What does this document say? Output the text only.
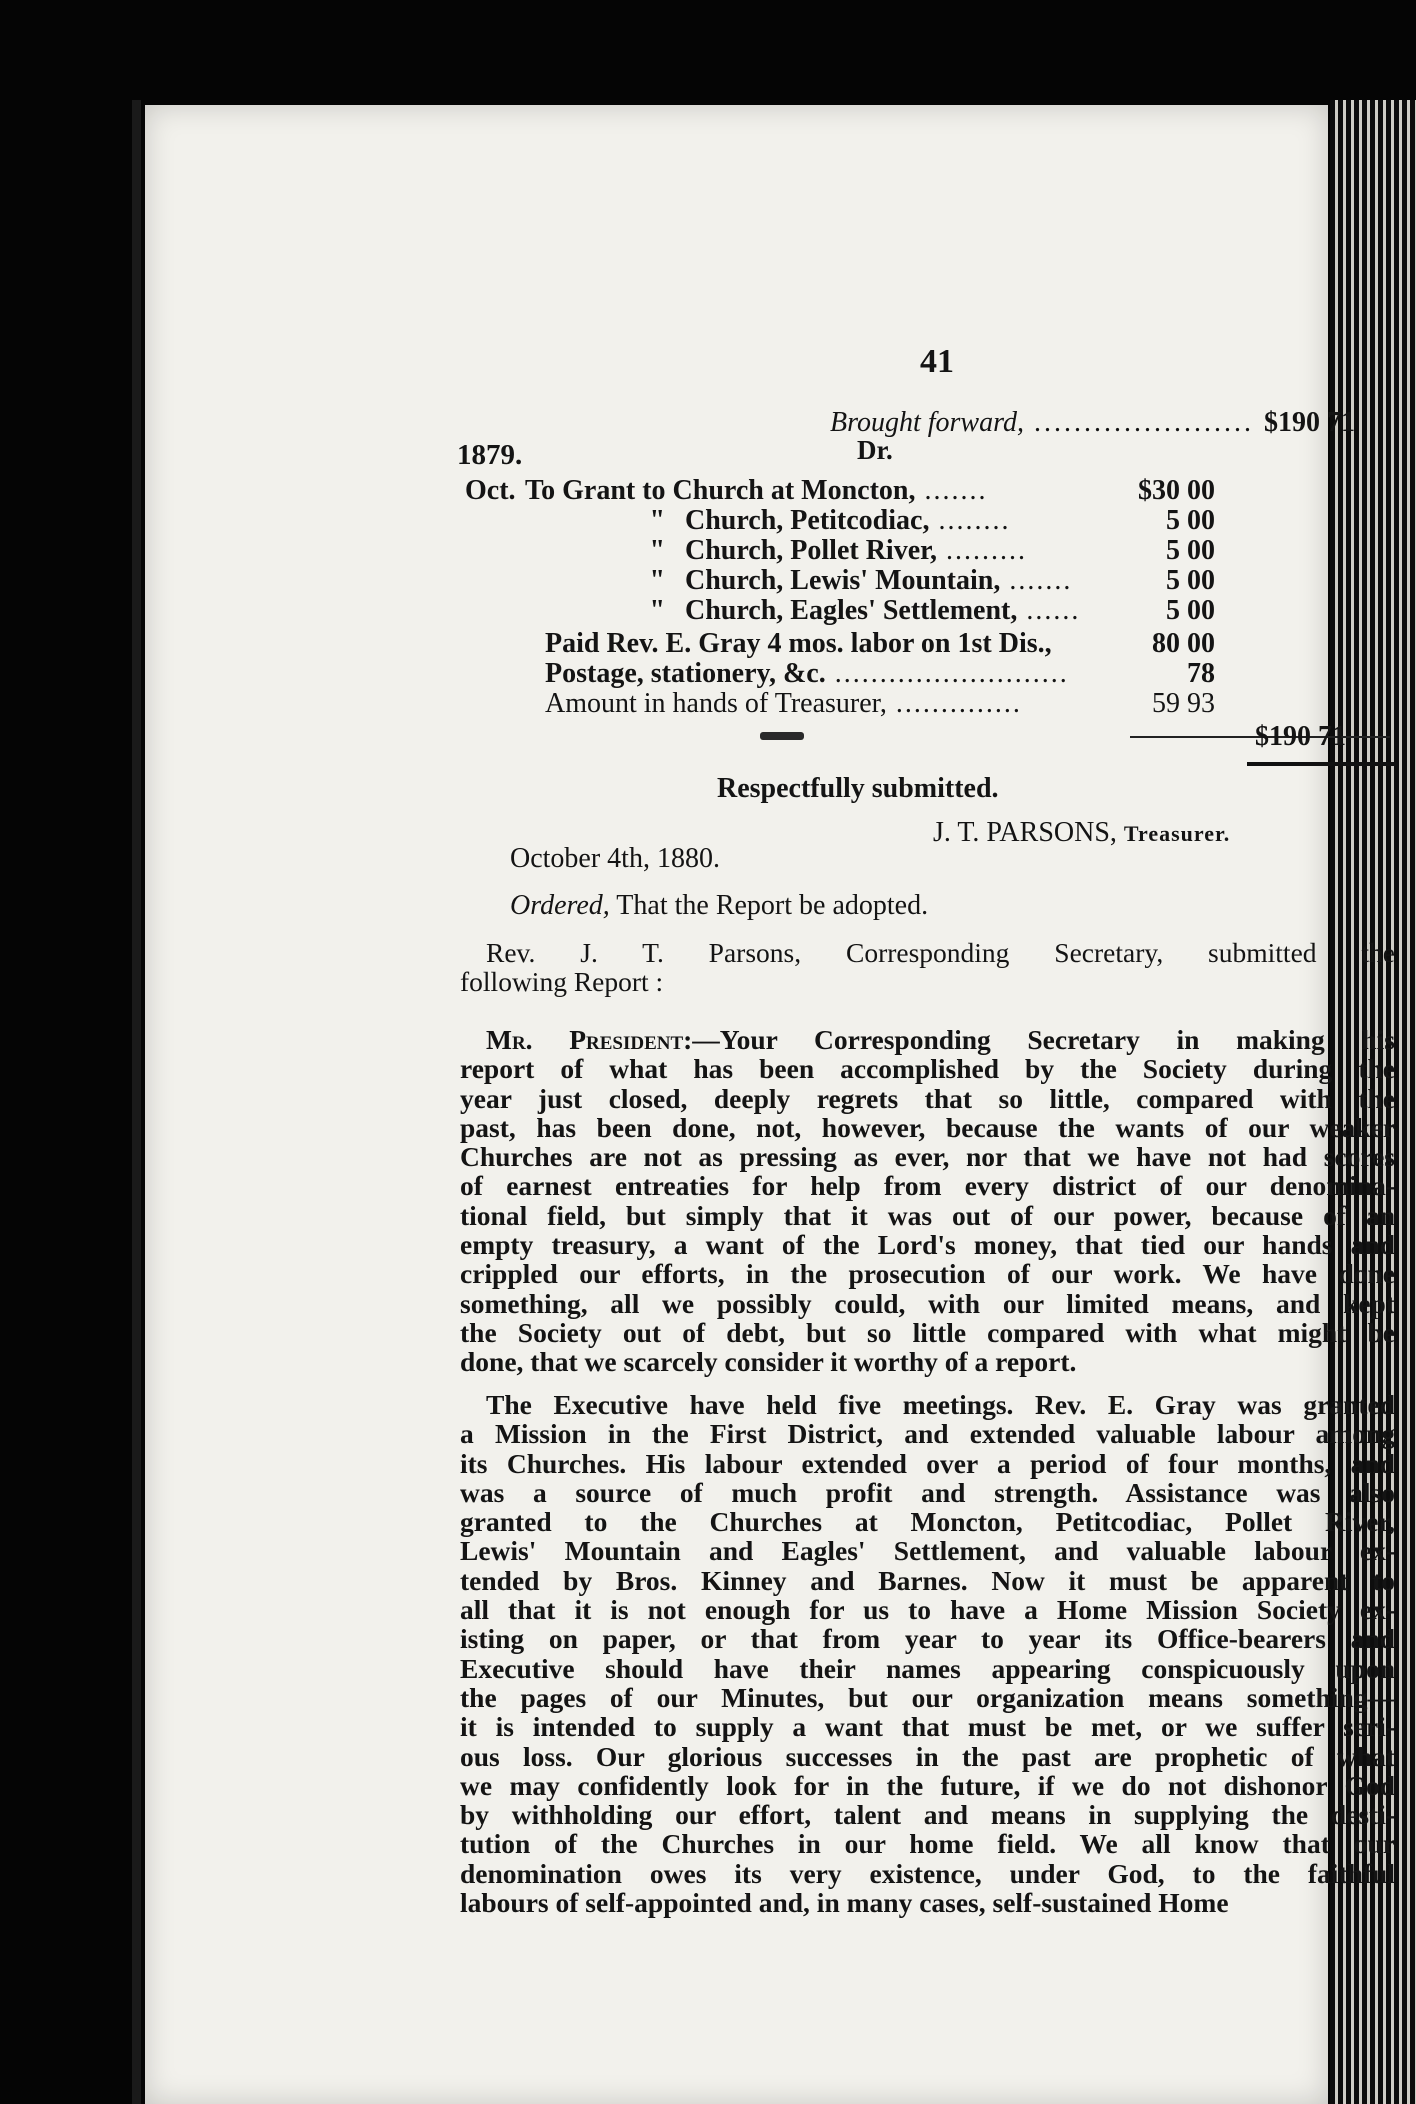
41
Brought forward, ...................... $190 71
1879.	Dr.
Oct. To Grant to Church at Moncton, .......	$30 00
" Church, Petitcodiac, ........	5 00
" Church, Pollet River, .........	5 00
" Church, Lewis' Mountain, .......	5 00
" Church, Eagles' Settlement, ......	5 00
Paid Rev. E. Gray 4 mos. labor on 1st Dis.,	80 00
Postage, stationery, &c. ..........................	78
Amount in hands of Treasurer, ..............	59 93
$190 71
Respectfully submitted.
J. T. PARSONS, Treasurer.
October 4th, 1880.
Ordered, That the Report be adopted.
Rev. J. T. Parsons, Corresponding Secretary, submitted the
following Report :
Mr. President:—Your Corresponding Secretary in making his
report of what has been accomplished by the Society during the
year just closed, deeply regrets that so little, compared with the
past, has been done, not, however, because the wants of our weaker
Churches are not as pressing as ever, nor that we have not had scores
of earnest entreaties for help from every district of our denomina-
tional field, but simply that it was out of our power, because of an
empty treasury, a want of the Lord's money, that tied our hands and
crippled our efforts, in the prosecution of our work. We have done
something, all we possibly could, with our limited means, and kept
the Society out of debt, but so little compared with what might be
done, that we scarcely consider it worthy of a report.
The Executive have held five meetings. Rev. E. Gray was granted
a Mission in the First District, and extended valuable labour among
its Churches. His labour extended over a period of four months, and
was a source of much profit and strength. Assistance was also
granted to the Churches at Moncton, Petitcodiac, Pollet River,
Lewis' Mountain and Eagles' Settlement, and valuable labour ex-
tended by Bros. Kinney and Barnes. Now it must be apparent to
all that it is not enough for us to have a Home Mission Society ex-
isting on paper, or that from year to year its Office-bearers and
Executive should have their names appearing conspicuously upon
the pages of our Minutes, but our organization means something—
it is intended to supply a want that must be met, or we suffer seri-
ous loss. Our glorious successes in the past are prophetic of what
we may confidently look for in the future, if we do not dishonor God
by withholding our effort, talent and means in supplying the desti-
tution of the Churches in our home field. We all know that our
denomination owes its very existence, under God, to the faithful
labours of self-appointed and, in many cases, self-sustained Home
